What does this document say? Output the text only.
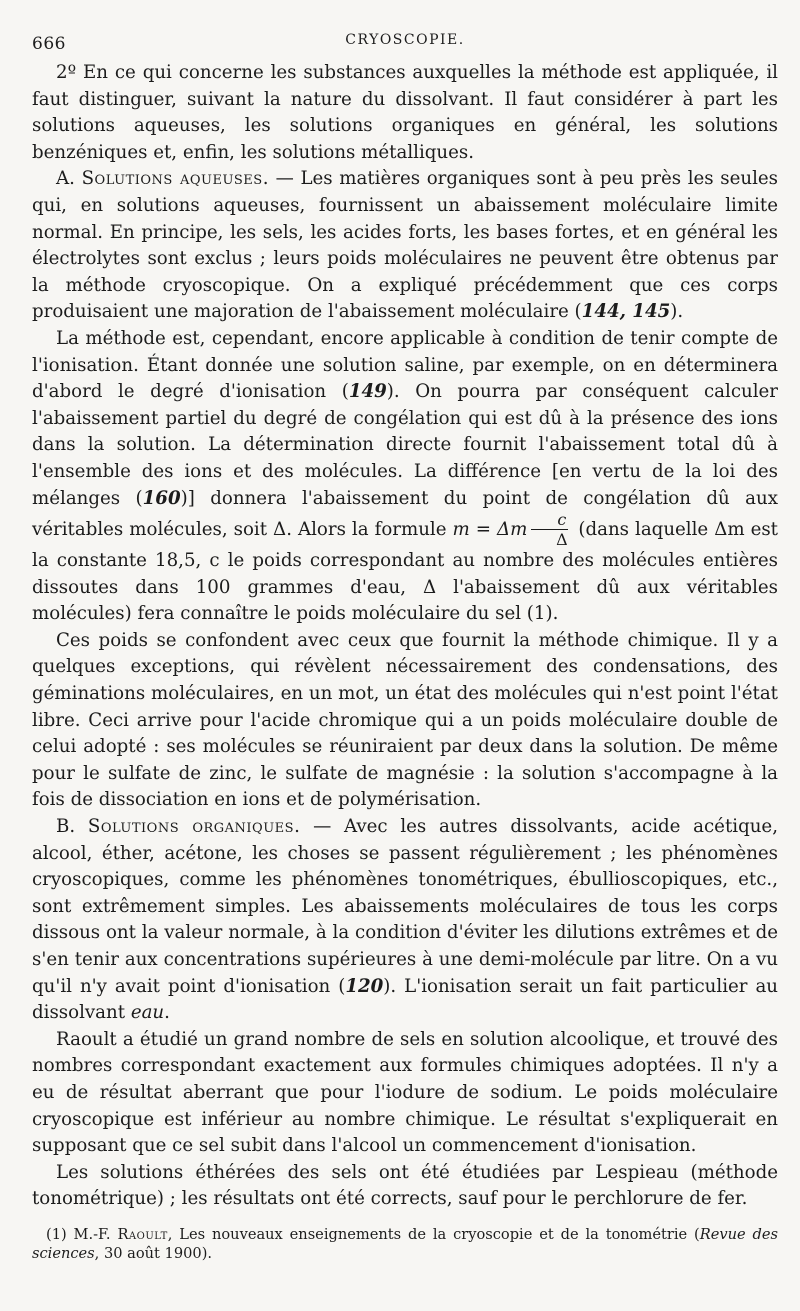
666	CRYOSCOPIE.

2º En ce qui concerne les substances auxquelles la méthode est appliquée, il faut distinguer, suivant la nature du dissolvant. Il faut considérer à part les solutions aqueuses, les solutions organiques en général, les solutions benzéniques et, enfin, les solutions métalliques.

A. Solutions aqueuses. — Les matières organiques sont à peu près les seules qui, en solutions aqueuses, fournissent un abaissement moléculaire limite normal. En principe, les sels, les acides forts, les bases fortes, et en général les électrolytes sont exclus ; leurs poids moléculaires ne peuvent être obtenus par la méthode cryoscopique. On a expliqué précédemment que ces corps produisaient une majoration de l'abaissement moléculaire (144, 145).

La méthode est, cependant, encore applicable à condition de tenir compte de l'ionisation. Étant donnée une solution saline, par exemple, on en déterminera d'abord le degré d'ionisation (149). On pourra par conséquent calculer l'abaissement partiel du degré de congélation qui est dû à la présence des ions dans la solution. La détermination directe fournit l'abaissement total dû à l'ensemble des ions et des molécules. La différence [en vertu de la loi des mélanges (160)] donnera l'abaissement du point de congélation dû aux véritables molécules, soit Δ. Alors la formule m = Δm $\frac{c}{\Delta}$ (dans laquelle Δm est la constante 18,5, c le poids correspondant au nombre des molécules entières dissoutes dans 100 grammes d'eau, Δ l'abaissement dû aux véritables molécules) fera connaître le poids moléculaire du sel (1).

Ces poids se confondent avec ceux que fournit la méthode chimique. Il y a quelques exceptions, qui révèlent nécessairement des condensations, des géminations moléculaires, en un mot, un état des molécules qui n'est point l'état libre. Ceci arrive pour l'acide chromique qui a un poids moléculaire double de celui adopté : ses molécules se réuniraient par deux dans la solution. De même pour le sulfate de zinc, le sulfate de magnésie : la solution s'accompagne à la fois de dissociation en ions et de polymérisation.

B. Solutions organiques. — Avec les autres dissolvants, acide acétique, alcool, éther, acétone, les choses se passent régulièrement ; les phénomènes cryoscopiques, comme les phénomènes tonométriques, ébullioscopiques, etc., sont extrêmement simples. Les abaissements moléculaires de tous les corps dissous ont la valeur normale, à la condition d'éviter les dilutions extrêmes et de s'en tenir aux concentrations supérieures à une demi-molécule par litre. On a vu qu'il n'y avait point d'ionisation (120). L'ionisation serait un fait particulier au dissolvant eau.

Raoult a étudié un grand nombre de sels en solution alcoolique, et trouvé des nombres correspondant exactement aux formules chimiques adoptées. Il n'y a eu de résultat aberrant que pour l'iodure de sodium. Le poids moléculaire cryoscopique est inférieur au nombre chimique. Le résultat s'expliquerait en supposant que ce sel subit dans l'alcool un commencement d'ionisation.

Les solutions éthérées des sels ont été étudiées par Lespieau (méthode tonométrique) ; les résultats ont été corrects, sauf pour le perchlorure de fer.

(1) M.-F. Raoult, Les nouveaux enseignements de la cryoscopie et de la tonométrie (Revue des sciences, 30 août 1900).
